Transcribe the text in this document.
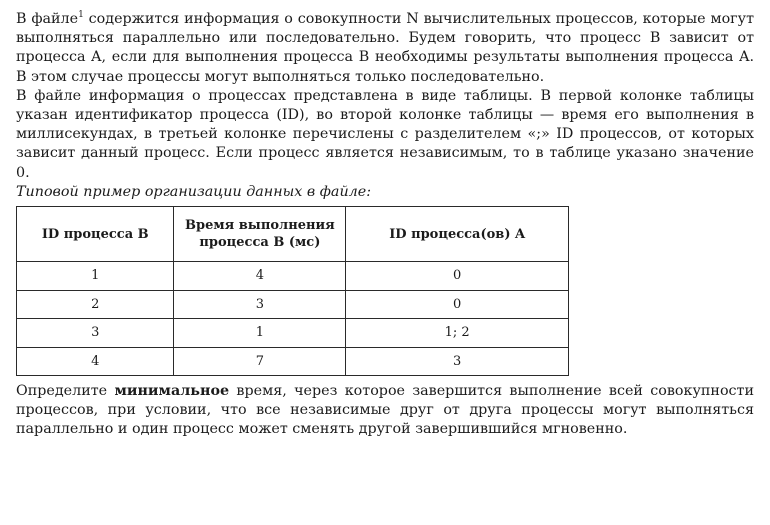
В файле$^1$ содержится информация о совокупности N вычислительных процессов, которые могут выполняться параллельно или последовательно. Будем говорить, что процесс B зависит от процесса A, если для выполнения процесса B необходимы результаты выполнения процесса A. В этом случае процессы могут выполняться только последовательно.

В файле информация о процессах представлена в виде таблицы. В первой колонке таблицы указан идентификатор процесса (ID), во второй колонке таблицы — время его выполнения в миллисекундах, в третьей колонке перечислены с разделителем «;» ID процессов, от которых зависит данный процесс. Если процесс является независимым, то в таблице указано значение 0.

Типовой пример организации данных в файле:

ID процесса B	Время выполнения процесса B (мс)	ID процесса(ов) A
1	4	0
2	3	0
3	1	1; 2
4	7	3

Определите минимальное время, через которое завершится выполнение всей совокупности процессов, при условии, что все независимые друг от друга процессы могут выполняться параллельно и один процесс может сменять другой завершившийся мгновенно.
